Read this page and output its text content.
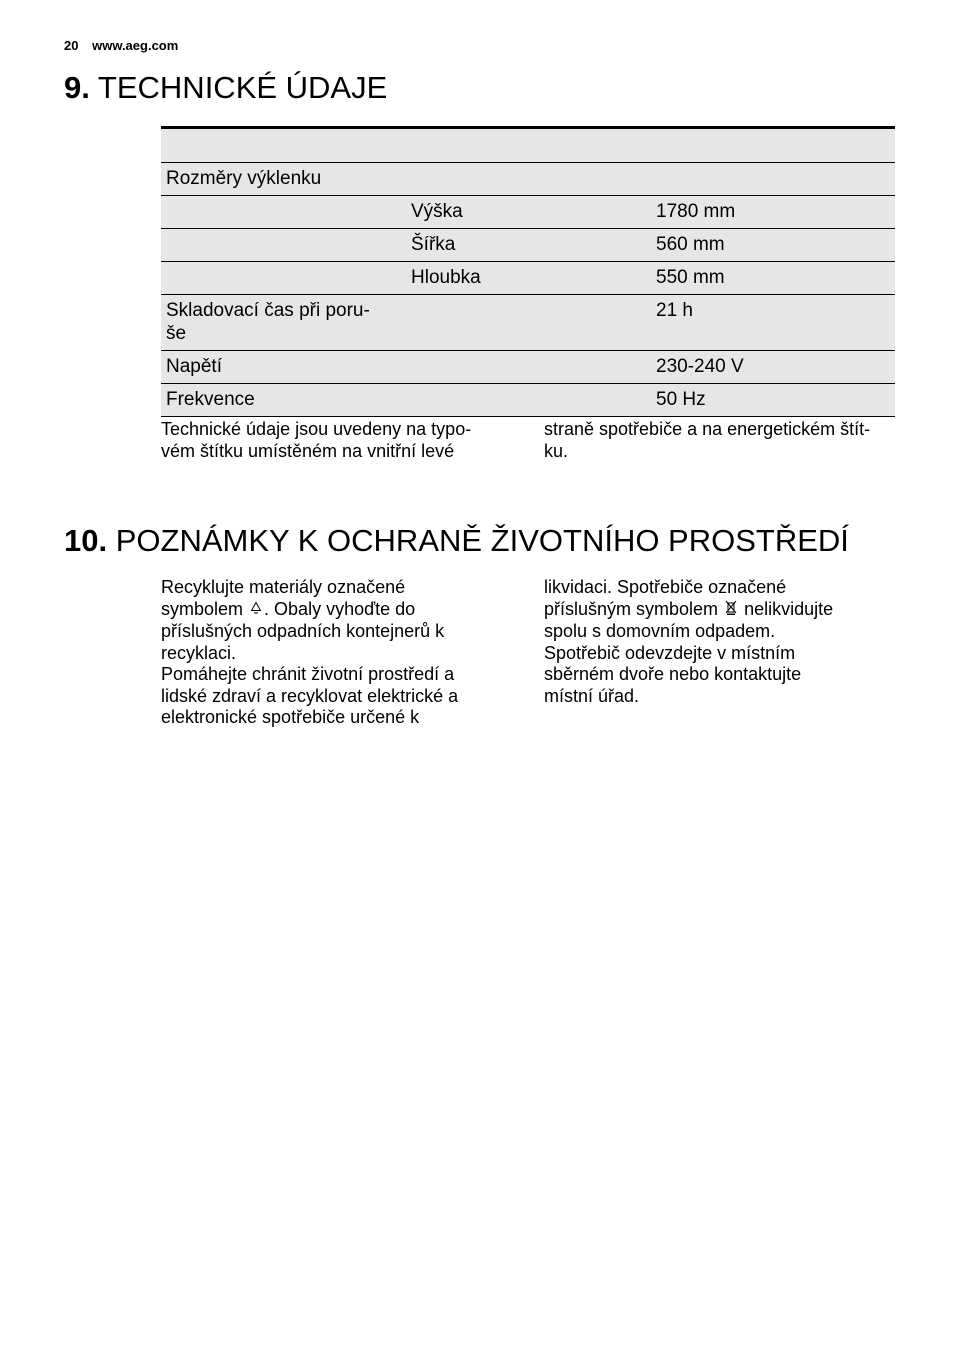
20 www.aeg.com
9. TECHNICKÉ ÚDAJE

Rozměry výklenku		
	Výška	1780 mm
	Šířka	560 mm
	Hloubka	550 mm
Skladovací čas při poru-
še		21 h
Napětí		230-240 V
Frekvence		50 Hz

Technické údaje jsou uvedeny na typo-

vém štítku umístěném na vnitřní levé

straně spotřebiče a na energetickém štít-

ku.

10. POZNÁMKY K OCHRANĚ ŽIVOTNÍHO PROSTŘEDÍ

Recyklujte materiály označené

symbolem . Obaly vyhoďte do

příslušných odpadních kontejnerů k

recyklaci.

Pomáhejte chránit životní prostředí a

lidské zdraví a recyklovat elektrické a

elektronické spotřebiče určené k

likvidaci. Spotřebiče označené

příslušným symbolem nelikvidujte

spolu s domovním odpadem.

Spotřebič odevzdejte v místním

sběrném dvoře nebo kontaktujte

místní úřad.
